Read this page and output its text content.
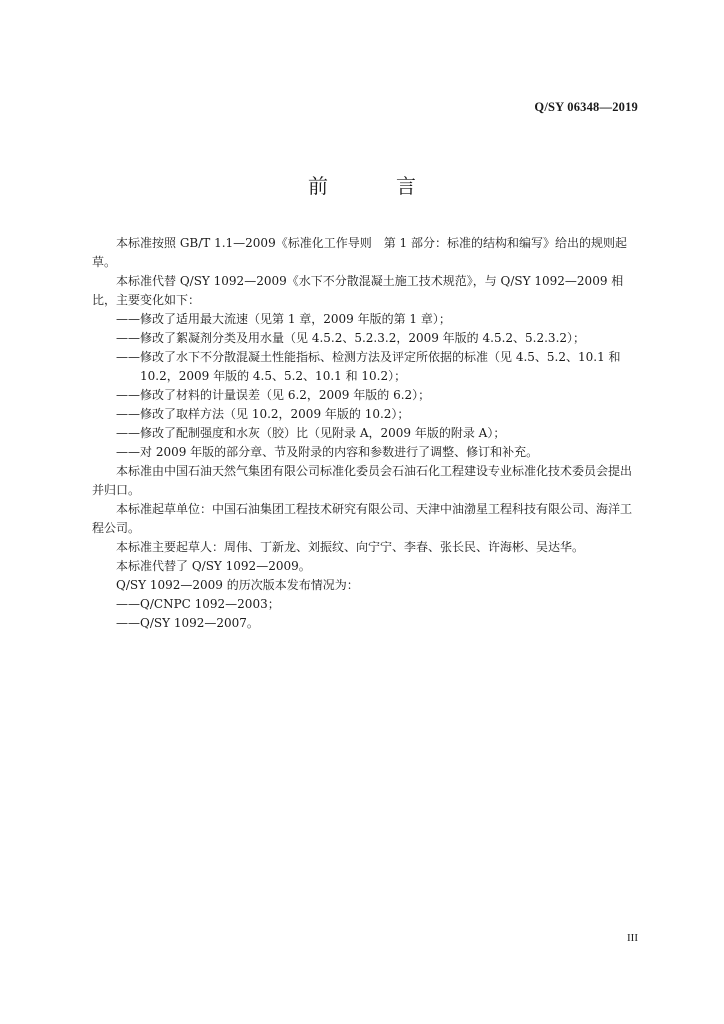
Q/SY 06348—2019
前　言

本标准按照 GB/T 1.1—2009《标准化工作导则　第 1 部分：标准的结构和编写》给出的规则起草。

本标准代替 Q/SY 1092—2009《水下不分散混凝土施工技术规范》，与 Q/SY 1092—2009 相比，主要变化如下：

——修改了适用最大流速（见第 1 章，2009 年版的第 1 章）；

——修改了絮凝剂分类及用水量（见 4.5.2、5.2.3.2，2009 年版的 4.5.2、5.2.3.2）；

——修改了水下不分散混凝土性能指标、检测方法及评定所依据的标准（见 4.5、5.2、10.1 和 10.2，2009 年版的 4.5、5.2、10.1 和 10.2）；

——修改了材料的计量误差（见 6.2，2009 年版的 6.2）；

——修改了取样方法（见 10.2，2009 年版的 10.2）；

——修改了配制强度和水灰（胶）比（见附录 A，2009 年版的附录 A）；

——对 2009 年版的部分章、节及附录的内容和参数进行了调整、修订和补充。

本标准由中国石油天然气集团有限公司标准化委员会石油石化工程建设专业标准化技术委员会提出并归口。

本标准起草单位：中国石油集团工程技术研究有限公司、天津中油渤星工程科技有限公司、海洋工程公司。

本标准主要起草人：周伟、丁新龙、刘振纹、向宁宁、李春、张长民、许海彬、吴达华。

本标准代替了 Q/SY 1092—2009。

Q/SY 1092—2009 的历次版本发布情况为：

——Q/CNPC 1092—2003；

——Q/SY 1092—2007。

III
